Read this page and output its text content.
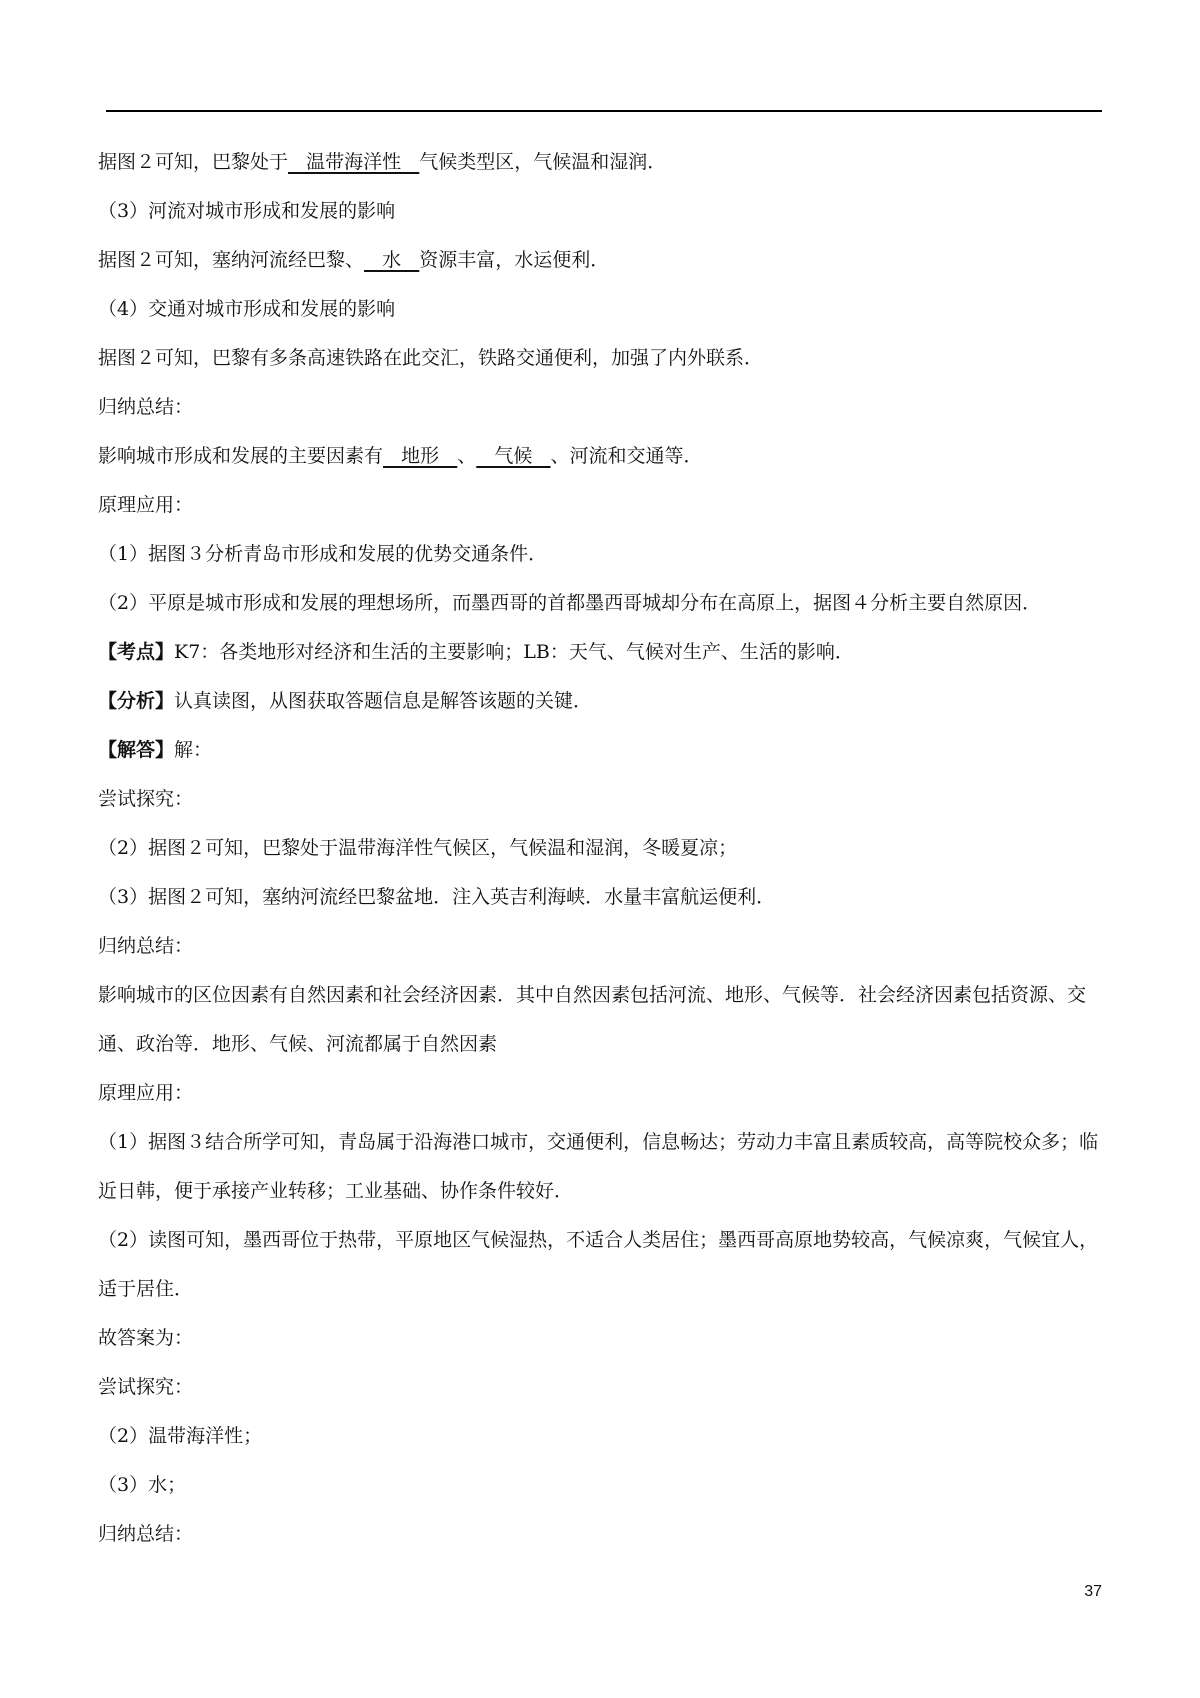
据图２可知，巴黎处于   温带海洋性   气候类型区，气候温和湿润．
（3）河流对城市形成和发展的影响
据图２可知，塞纳河流经巴黎、   水   资源丰富，水运便利．
（4）交通对城市形成和发展的影响
据图２可知，巴黎有多条高速铁路在此交汇，铁路交通便利，加强了内外联系．
归纳总结：
影响城市形成和发展的主要因素有   地形   、   气候   、河流和交通等．
原理应用：
（1）据图３分析青岛市形成和发展的优势交通条件．
（2）平原是城市形成和发展的理想场所，而墨西哥的首都墨西哥城却分布在高原上，据图４分析主要自然原因．
【考点】K7：各类地形对经济和生活的主要影响；LB：天气、气候对生产、生活的影响．
【分析】认真读图，从图获取答题信息是解答该题的关键．
【解答】解：
尝试探究：
（2）据图２可知，巴黎处于温带海洋性气候区，气候温和湿润，冬暖夏凉；
（3）据图２可知，塞纳河流经巴黎盆地．注入英吉利海峡．水量丰富航运便利．
归纳总结：
影响城市的区位因素有自然因素和社会经济因素．其中自然因素包括河流、地形、气候等．社会经济因素包括资源、交通、政治等．地形、气候、河流都属于自然因素
原理应用：
（1）据图３结合所学可知，青岛属于沿海港口城市，交通便利，信息畅达；劳动力丰富且素质较高，高等院校众多；临近日韩，便于承接产业转移；工业基础、协作条件较好．
（2）读图可知，墨西哥位于热带，平原地区气候湿热，不适合人类居住；墨西哥高原地势较高，气候凉爽，气候宜人，适于居住．
故答案为：
尝试探究：
（2）温带海洋性；
（3）水；
归纳总结：
37
